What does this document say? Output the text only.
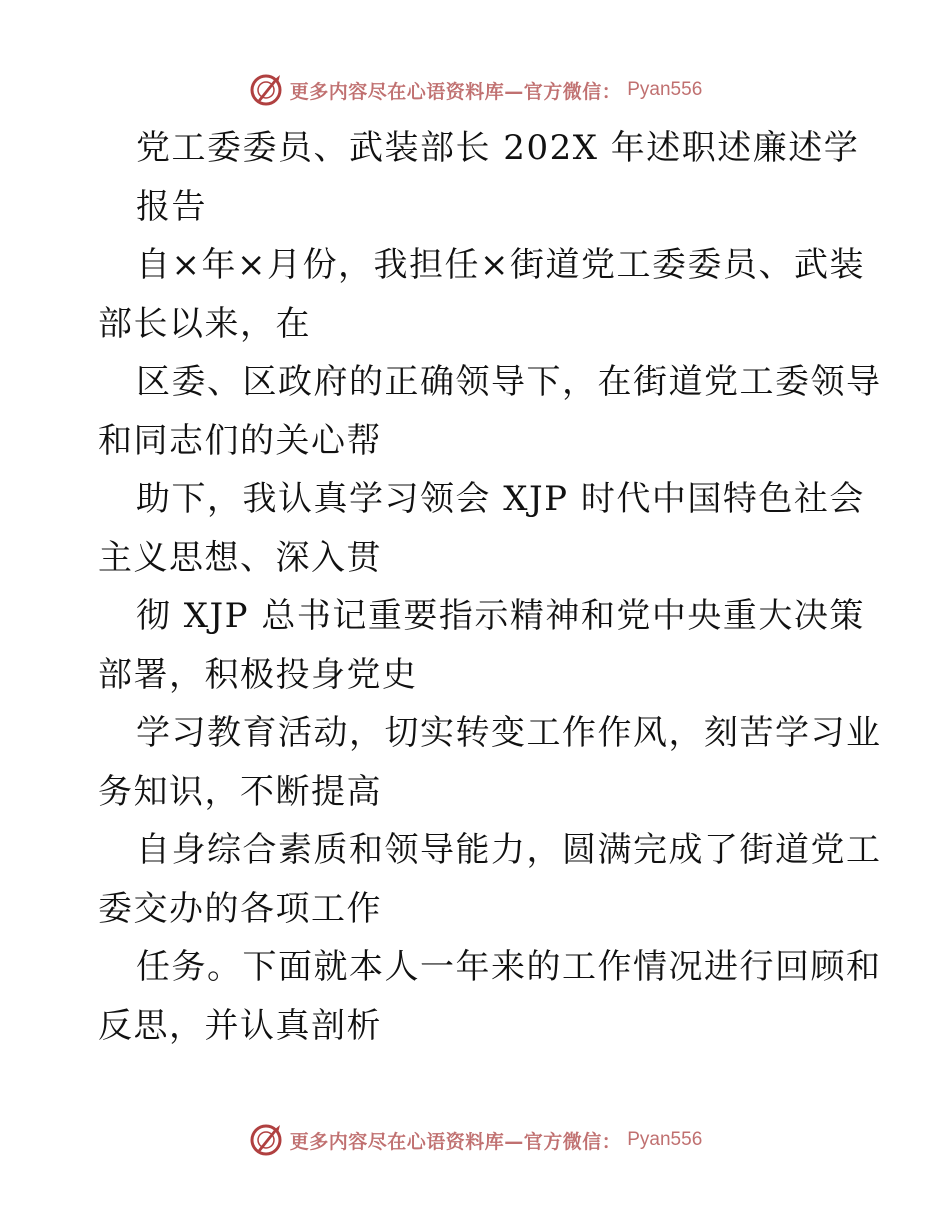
更多内容尽在心语资料库—官方微信： Pyan556
党工委委员、武装部长 202X 年述职述廉述学
报告
自×年×月份，我担任×街道党工委委员、武装
部长以来，在
区委、区政府的正确领导下，在街道党工委领导
和同志们的关心帮
助下，我认真学习领会 XJP 时代中国特色社会
主义思想、深入贯
彻 XJP 总书记重要指示精神和党中央重大决策
部署，积极投身党史
学习教育活动，切实转变工作作风，刻苦学习业
务知识，不断提高
自身综合素质和领导能力，圆满完成了街道党工
委交办的各项工作
任务。下面就本人一年来的工作情况进行回顾和
反思，并认真剖析
更多内容尽在心语资料库—官方微信： Pyan556
